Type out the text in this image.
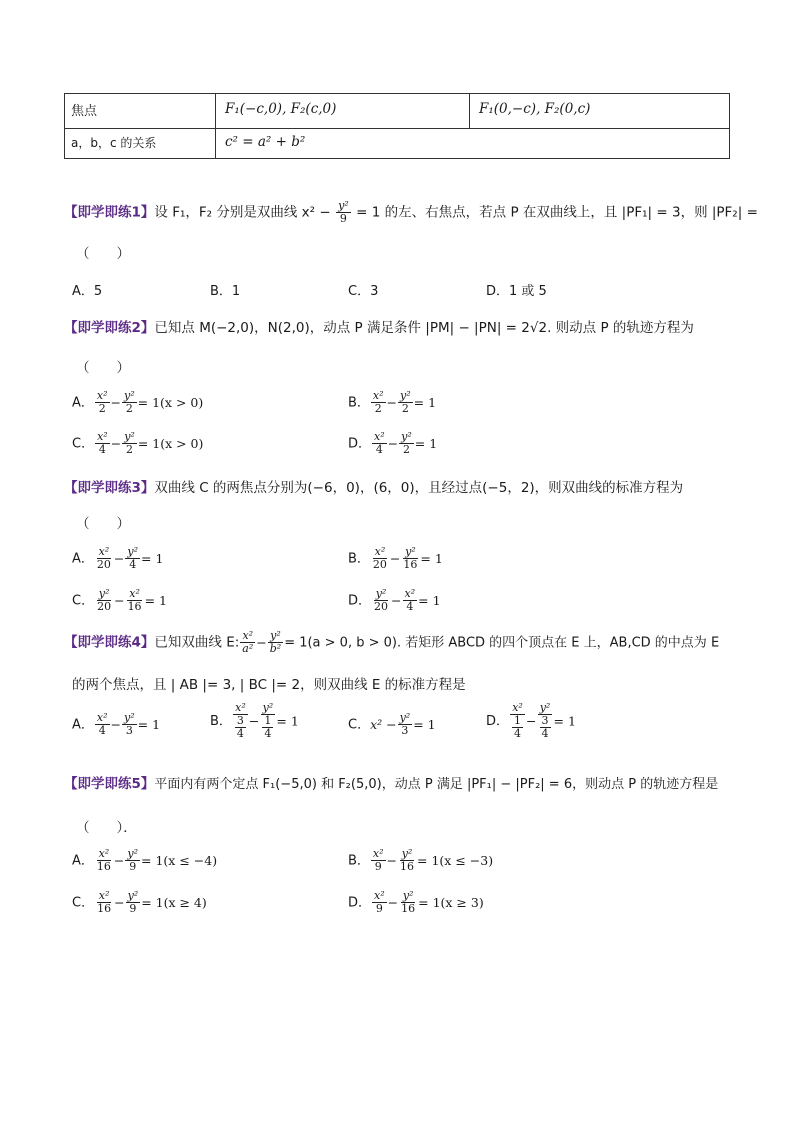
焦点	F₁(−c,0), F₂(c,0)	F₁(0,−c), F₂(0,c)
a，b，c 的关系	c² = a² + b²
【即学即练1】设 F₁，F₂ 分别是双曲线 $x^2 - \frac{\text{y²}}{9} = 1$ 的左、右焦点，若点 P 在双曲线上，且 |PF₁| = 3，则 |PF₂| =
（　　）
A．5	B．1	C．3	D．1 或 5
【即学即练2】已知点 M(−2,0)，N(2,0)，动点 P 满足条件 |PM| − |PN| = 2√2. 则动点 P 的轨迹方程为
（　　）
A． $\frac{\text{x²}}{2} - \frac{\text{y²}}{2} = 1(x > 0)$	B． $\frac{\text{x²}}{2} - \frac{\text{y²}}{2} = 1$
C． $\frac{\text{x²}}{4} - \frac{\text{y²}}{2} = 1(x > 0)$	D． $\frac{\text{x²}}{4} - \frac{\text{y²}}{2} = 1$
【即学即练3】双曲线 C 的两焦点分别为(−6，0)，(6，0)，且经过点(−5，2)，则双曲线的标准方程为
（　　）
A． $\frac{\text{x²}}{20} - \frac{\text{y²}}{4} = 1$	B． $\frac{\text{x²}}{20} - \frac{\text{y²}}{16} = 1$
C． $\frac{\text{y²}}{20} - \frac{\text{x²}}{16} = 1$	D． $\frac{\text{y²}}{20} - \frac{\text{x²}}{4} = 1$
【即学即练4】已知双曲线 E: $\frac{\text{x²}}{\text{a²}} - \frac{\text{y²}}{\text{b²}} = 1(a > 0$, b > 0). 若矩形 ABCD 的四个顶点在 E 上，AB,CD 的中点为 E
的两个焦点，且 | AB |= 3, | BC |= 2，则双曲线 E 的标准方程是
A． $\frac{\text{x²}}{4} - \frac{\text{y²}}{3} = 1$	B． x²
3
4 − y²
1
4 = 1	C．$x^2 - \frac{\text{y²}}{3} = 1$	D． x²
1
4 − y²
3
4 = 1
【即学即练5】平面内有两个定点 F₁(−5,0) 和 F₂(5,0)，动点 P 满足 |PF₁| − |PF₂| = 6，则动点 P 的轨迹方程是
（　　）．
A． $\frac{\text{x²}}{16} - \frac{\text{y²}}{9} = 1(x \le -4)$	B． $\frac{\text{x²}}{9} - \frac{\text{y²}}{16} = 1(x \le -3)$
C． $\frac{\text{x²}}{16} - \frac{\text{y²}}{9} = 1(x \ge 4)$	D． $\frac{\text{x²}}{9} - \frac{\text{y²}}{16} = 1(x \ge 3)$
